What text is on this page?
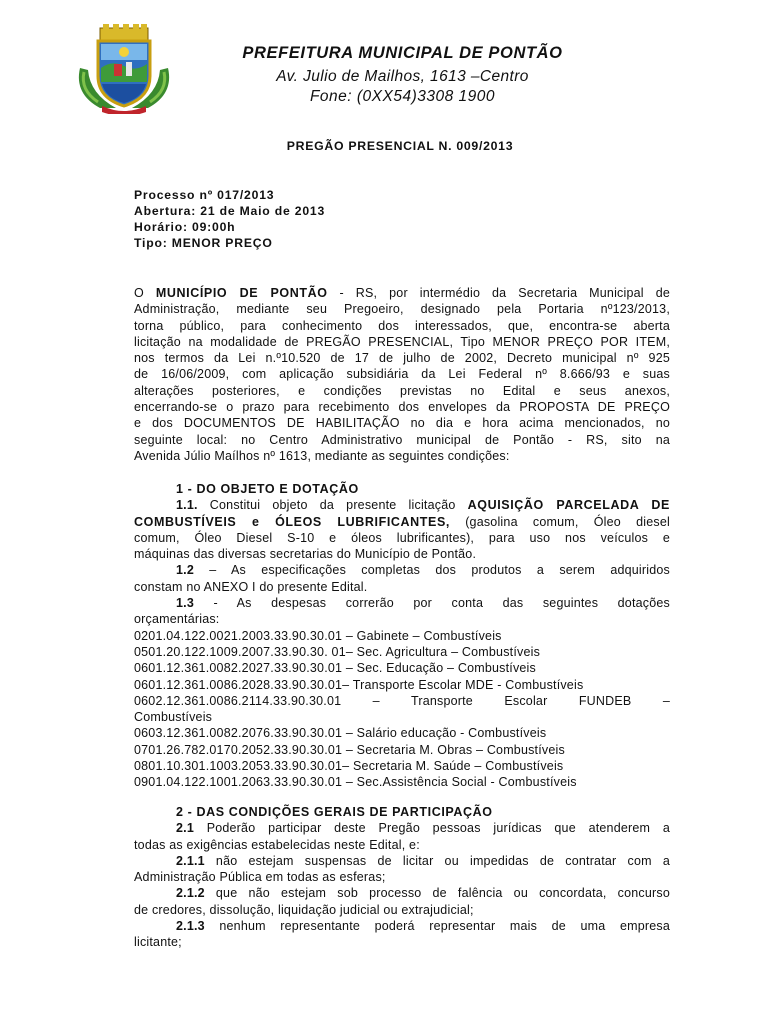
PREFEITURA MUNICIPAL DE PONTÃO
Av. Julio de Mailhos, 1613 –Centro
Fone: (0XX54)3308 1900
PREGÃO PRESENCIAL N. 009/2013
Processo nº 017/2013
Abertura: 21 de Maio de 2013
Horário: 09:00h
Tipo: MENOR PREÇO
O MUNICÍPIO DE PONTÃO - RS, por intermédio da Secretaria Municipal de
Administração, mediante seu Pregoeiro, designado pela Portaria nº123/2013,
torna público, para conhecimento dos interessados, que, encontra-se aberta
licitação na modalidade de PREGÃO PRESENCIAL, Tipo MENOR PREÇO POR ITEM,
nos termos da Lei n.º10.520 de 17 de julho de 2002, Decreto municipal nº 925
de 16/06/2009, com aplicação subsidiária da Lei Federal nº 8.666/93 e suas
alterações posteriores, e condições previstas no Edital e seus anexos,
encerrando-se o prazo para recebimento dos envelopes da PROPOSTA DE PREÇO
e dos DOCUMENTOS DE HABILITAÇÃO no dia e hora acima mencionados, no
seguinte local: no Centro Administrativo municipal de Pontão - RS, sito na
Avenida Júlio Maílhos nº 1613, mediante as seguintes condições:
1 - DO OBJETO E DOTAÇÃO
1.1. Constitui objeto da presente licitação AQUISIÇÃO PARCELADA DE
COMBUSTÍVEIS e ÓLEOS LUBRIFICANTES, (gasolina comum, Óleo diesel
comum, Óleo Diesel S-10 e óleos lubrificantes), para uso nos veículos e
máquinas das diversas secretarias do Município de Pontão.
1.2 – As especificações completas dos produtos a serem adquiridos
constam no ANEXO I do presente Edital.
1.3 - As despesas correrão por conta das seguintes dotações
orçamentárias:
0201.04.122.0021.2003.33.90.30.01 – Gabinete – Combustíveis
0501.20.122.1009.2007.33.90.30. 01– Sec. Agricultura – Combustíveis
0601.12.361.0082.2027.33.90.30.01 – Sec. Educação – Combustíveis
0601.12.361.0086.2028.33.90.30.01– Transporte Escolar MDE - Combustíveis
0602.12.361.0086.2114.33.90.30.01 – Transporte Escolar FUNDEB –
Combustíveis
0603.12.361.0082.2076.33.90.30.01 – Salário educação - Combustíveis
0701.26.782.0170.2052.33.90.30.01 – Secretaria M. Obras – Combustíveis
0801.10.301.1003.2053.33.90.30.01– Secretaria M. Saúde – Combustíveis
0901.04.122.1001.2063.33.90.30.01 – Sec.Assistência Social - Combustíveis
2 - DAS CONDIÇÕES GERAIS DE PARTICIPAÇÃO
2.1 Poderão participar deste Pregão pessoas jurídicas que atenderem a
todas as exigências estabelecidas neste Edital, e:
2.1.1 não estejam suspensas de licitar ou impedidas de contratar com a
Administração Pública em todas as esferas;
2.1.2 que não estejam sob processo de falência ou concordata, concurso
de credores, dissolução, liquidação judicial ou extrajudicial;
2.1.3 nenhum representante poderá representar mais de uma empresa
licitante;
